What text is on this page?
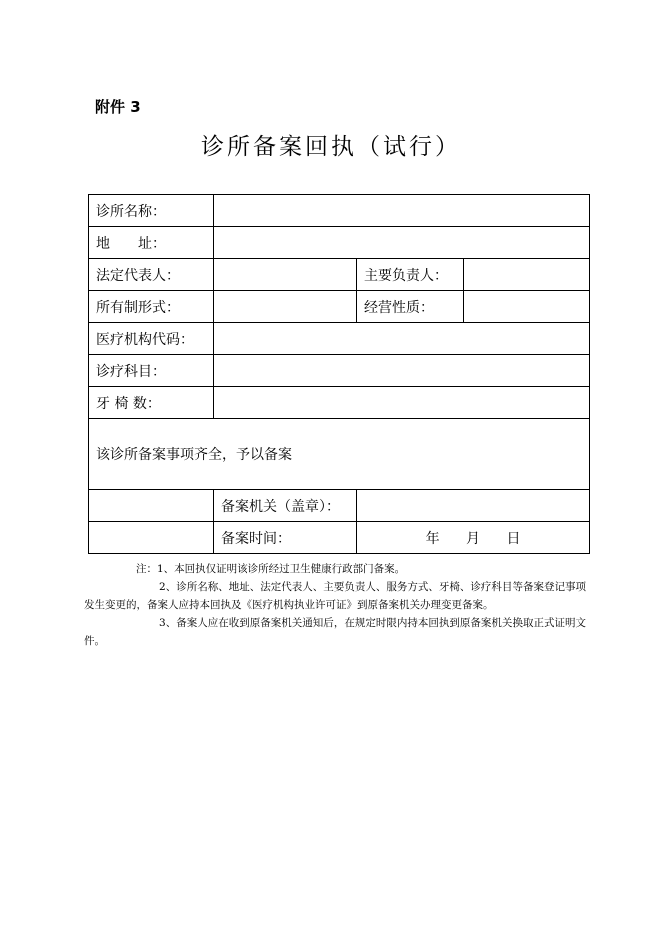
附件 3
诊所备案回执（试行）
诊所名称：			
地　　址：			
法定代表人：		主要负责人：	
所有制形式：		经营性质：	
医疗机构代码：			
诊疗科目：			
牙 椅 数：			
该诊所备案事项齐全，予以备案			
	备案机关（盖章）：		
	备案时间：	年 月 日	

注：1、本回执仅证明该诊所经过卫生健康行政部门备案。

2、诊所名称、地址、法定代表人、主要负责人、服务方式、牙椅、诊疗科目等备案登记事项发生变更的，备案人应持本回执及《医疗机构执业许可证》到原备案机关办理变更备案。

3、备案人应在收到原备案机关通知后，在规定时限内持本回执到原备案机关换取正式证明文件。
